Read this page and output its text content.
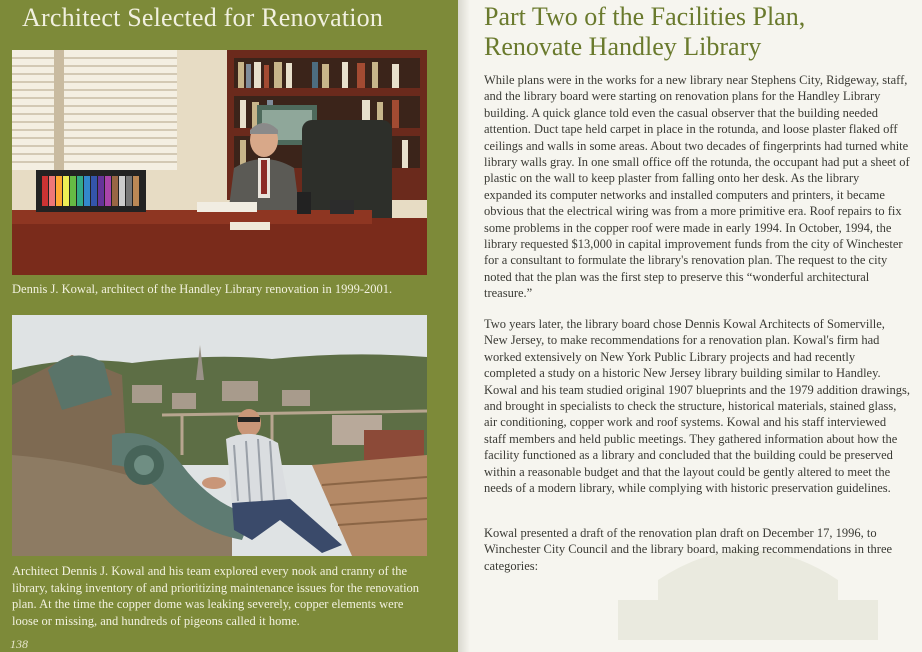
Architect Selected for Renovation

Dennis J. Kowal, architect of the Handley Library renovation in 1999-2001.

Architect Dennis J. Kowal and his team explored every nook and cranny of the library, taking inventory of and prioritizing maintenance issues for the renovation plan. At the time the copper dome was leaking severely, copper elements were loose or missing, and hundreds of pigeons called it home.

138
Part Two of the Facilities Plan,
Renovate Handley Library

While plans were in the works for a new library near Stephens City, Ridgeway, staff, and the library board were starting on renovation plans for the Handley Library building. A quick glance told even the casual observer that the building needed attention. Duct tape held carpet in place in the rotunda, and loose plaster flaked off ceilings and walls in some areas. About two decades of fingerprints had turned white library walls gray. In one small office off the rotunda, the occupant had put a sheet of plastic on the wall to keep plaster from falling onto her desk. As the library expanded its computer networks and installed computers and printers, it became obvious that the electrical wiring was from a more primitive era. Roof repairs to fix some problems in the copper roof were made in early 1994. In October, 1994, the library requested $13,000 in capital improvement funds from the city of Winchester for a consultant to formulate the library's renovation plan. The request to the city noted that the plan was the first step to preserve this “wonderful architectural treasure.”

Two years later, the library board chose Dennis Kowal Architects of Somerville, New Jersey, to make recommendations for a renovation plan. Kowal's firm had worked extensively on New York Public Library projects and had recently completed a study on a historic New Jersey library building similar to Handley. Kowal and his team studied original 1907 blueprints and the 1979 addition drawings, and brought in specialists to check the structure, historical materials, stained glass, air conditioning, copper work and roof systems. Kowal and his staff interviewed staff members and held public meetings. They gathered information about how the facility functioned as a library and concluded that the building could be preserved within a reasonable budget and that the layout could be gently altered to meet the needs of a modern library, while complying with historic preservation guidelines.

Kowal presented a draft of the renovation plan draft on December 17, 1996, to Winchester City Council and the library board, making recommendations in three categories:
